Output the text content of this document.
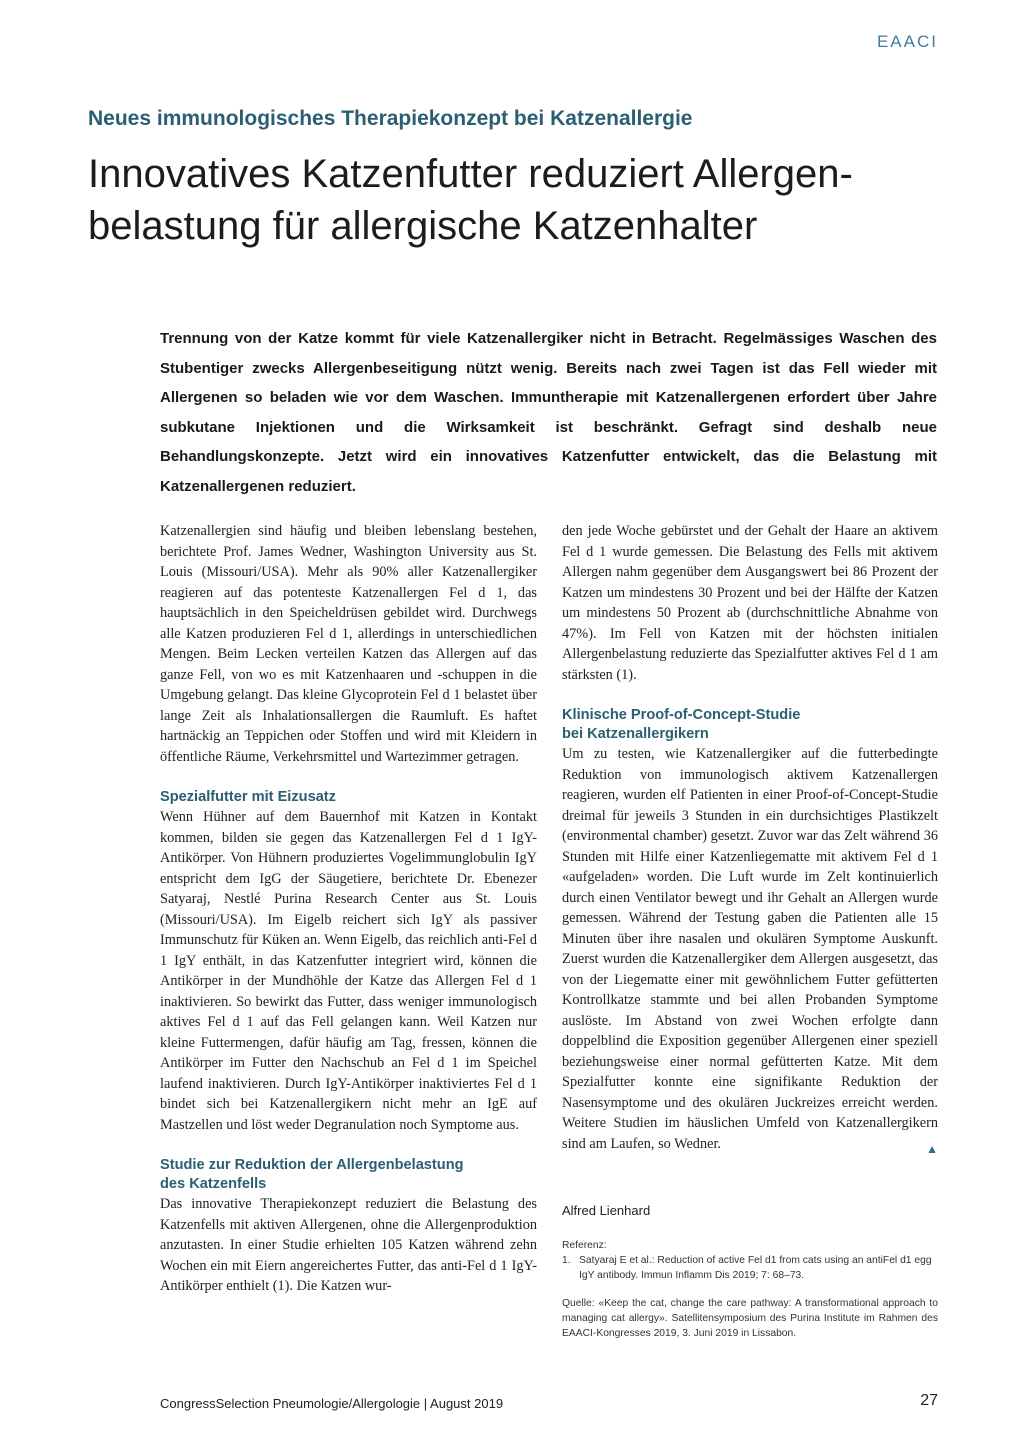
EAACI
Neues immunologisches Therapiekonzept bei Katzenallergie
Innovatives Katzenfutter reduziert Allergen-
belastung für allergische Katzenhalter
Trennung von der Katze kommt für viele Katzenallergiker nicht in Betracht. Regelmässiges Waschen des Stubentiger zwecks Allergenbeseitigung nützt wenig. Bereits nach zwei Tagen ist das Fell wieder mit Allergenen so beladen wie vor dem Waschen. Immuntherapie mit Katzenallergenen erfordert über Jahre subkutane Injektionen und die Wirksamkeit ist beschränkt. Gefragt sind deshalb neue Behandlungskonzepte. Jetzt wird ein innovatives Katzenfutter entwickelt, das die Belastung mit Katzenallergenen reduziert.

Katzenallergien sind häufig und bleiben lebenslang bestehen, berichtete Prof. James Wedner, Washington University aus St. Louis (Missouri/USA). Mehr als 90% aller Katzenallergiker reagieren auf das potenteste Katzenallergen Fel d 1, das hauptsächlich in den Speicheldrüsen gebildet wird. Durchwegs alle Katzen produzieren Fel d 1, allerdings in unterschiedlichen Mengen. Beim Lecken verteilen Katzen das Allergen auf das ganze Fell, von wo es mit Katzenhaaren und -schuppen in die Umgebung gelangt. Das kleine Glycoprotein Fel d 1 belastet über lange Zeit als Inhalationsallergen die Raumluft. Es haftet hartnäckig an Teppichen oder Stoffen und wird mit Kleidern in öffentliche Räume, Verkehrsmittel und Wartezimmer getragen.

Spezialfutter mit Eizusatz

Wenn Hühner auf dem Bauernhof mit Katzen in Kontakt kommen, bilden sie gegen das Katzenallergen Fel d 1 IgY-Antikörper. Von Hühnern produziertes Vogelimmunglobulin IgY entspricht dem IgG der Säugetiere, berichtete Dr. Ebenezer Satyaraj, Nestlé Purina Research Center aus St. Louis (Missouri/USA). Im Eigelb reichert sich IgY als passiver Immunschutz für Küken an. Wenn Eigelb, das reichlich anti-Fel d 1 IgY enthält, in das Katzenfutter integriert wird, können die Antikörper in der Mundhöhle der Katze das Allergen Fel d 1 inaktivieren. So bewirkt das Futter, dass weniger immunologisch aktives Fel d 1 auf das Fell gelangen kann. Weil Katzen nur kleine Futtermengen, dafür häufig am Tag, fressen, können die Antikörper im Futter den Nachschub an Fel d 1 im Speichel laufend inaktivieren. Durch IgY-Antikörper inaktiviertes Fel d 1 bindet sich bei Katzenallergikern nicht mehr an IgE auf Mastzellen und löst weder Degranulation noch Symptome aus.

Studie zur Reduktion der Allergenbelastung
des Katzenfells

Das innovative Therapiekonzept reduziert die Belastung des Katzenfells mit aktiven Allergenen, ohne die Allergenproduktion anzutasten. In einer Studie erhielten 105 Katzen während zehn Wochen ein mit Eiern angereichertes Futter, das anti-Fel d 1 IgY-Antikörper enthielt (1). Die Katzen wur-

den jede Woche gebürstet und der Gehalt der Haare an aktivem Fel d 1 wurde gemessen. Die Belastung des Fells mit aktivem Allergen nahm gegenüber dem Ausgangswert bei 86 Prozent der Katzen um mindestens 30 Prozent und bei der Hälfte der Katzen um mindestens 50 Prozent ab (durchschnittliche Abnahme von 47%). Im Fell von Katzen mit der höchsten initialen Allergenbelastung reduzierte das Spezialfutter aktives Fel d 1 am stärksten (1).

Klinische Proof-of-Concept-Studie
bei Katzenallergikern

Um zu testen, wie Katzenallergiker auf die futterbedingte Reduktion von immunologisch aktivem Katzenallergen reagieren, wurden elf Patienten in einer Proof-of-Concept-Studie dreimal für jeweils 3 Stunden in ein durchsichtiges Plastikzelt (environmental chamber) gesetzt. Zuvor war das Zelt während 36 Stunden mit Hilfe einer Katzenliegematte mit aktivem Fel d 1 «aufgeladen» worden. Die Luft wurde im Zelt kontinuierlich durch einen Ventilator bewegt und ihr Gehalt an Allergen wurde gemessen. Während der Testung gaben die Patienten alle 15 Minuten über ihre nasalen und okulären Symptome Auskunft. Zuerst wurden die Katzenallergiker dem Allergen ausgesetzt, das von der Liegematte einer mit gewöhnlichem Futter gefütterten Kontrollkatze stammte und bei allen Probanden Symptome auslöste. Im Abstand von zwei Wochen erfolgte dann doppelblind die Exposition gegenüber Allergenen einer speziell beziehungsweise einer normal gefütterten Katze. Mit dem Spezialfutter konnte eine signifikante Reduktion der Nasensymptome und des okulären Juckreizes erreicht werden. Weitere Studien im häuslichen Umfeld von Katzenallergikern sind am Laufen, so Wedner.	▲

Alfred Lienhard
Referenz:
1. Satyaraj E et al.: Reduction of active Fel d1 from cats using an antiFel d1 egg IgY antibody. Immun Inflamm Dis 2019; 7: 68–73.
Quelle: «Keep the cat, change the care pathway: A transformational approach to managing cat allergy». Satellitensymposium des Purina Institute im Rahmen des EAACI-Kongresses 2019, 3. Juni 2019 in Lissabon.
CongressSelection Pneumologie/Allergologie | August 2019	27
